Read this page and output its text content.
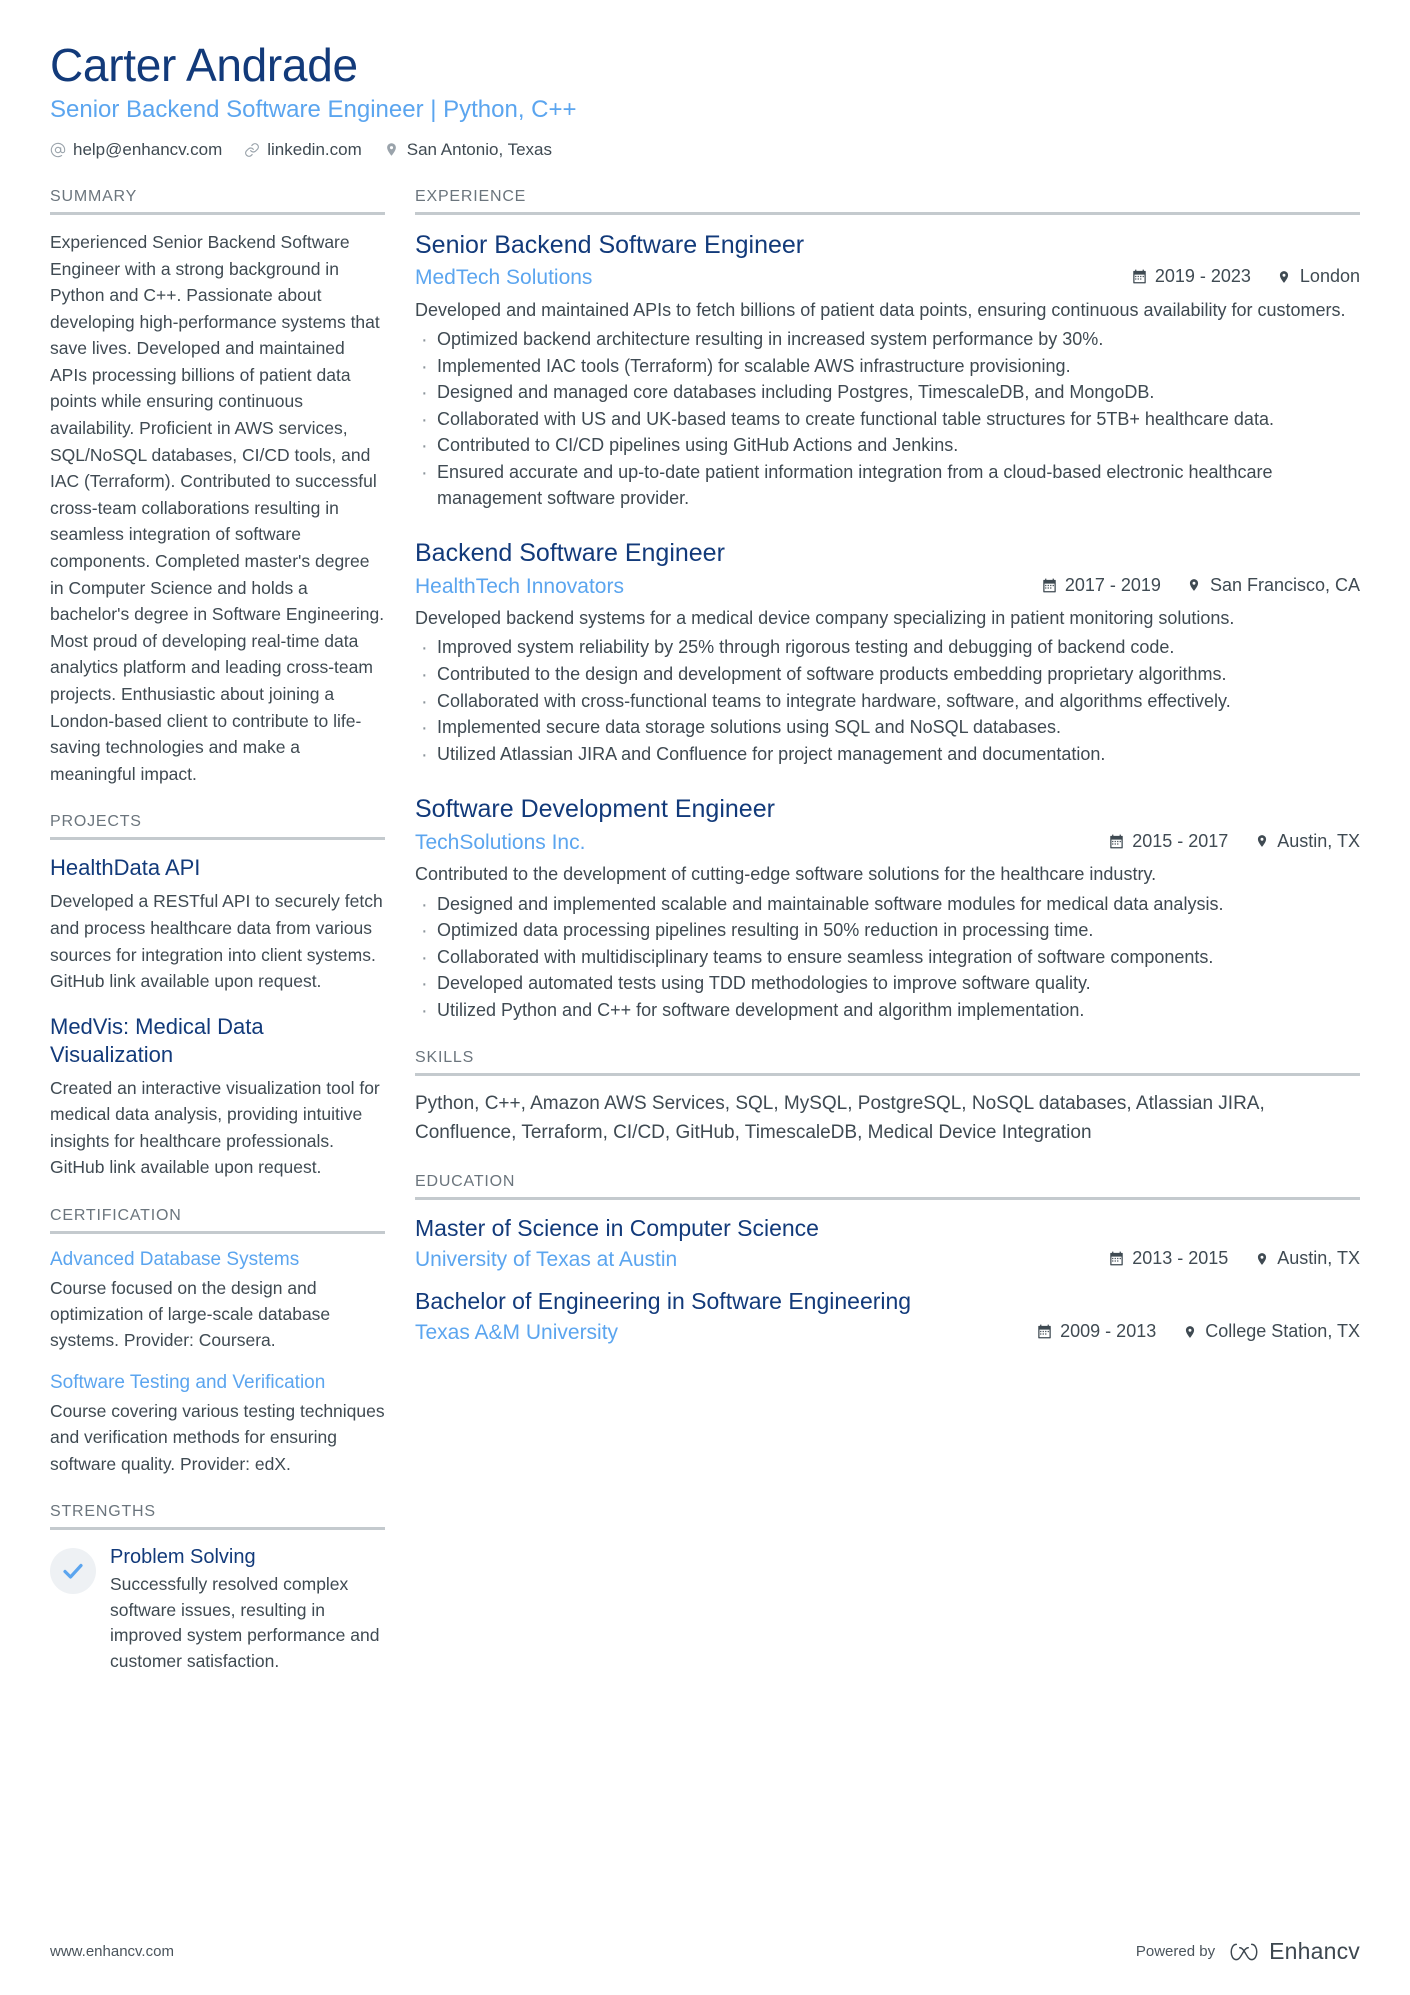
Carter Andrade
Senior Backend Software Engineer | Python, C++
help@enhancv.com	linkedin.com	San Antonio, Texas
SUMMARY
Experienced Senior Backend Software Engineer with a strong background in Python and C++. Passionate about developing high-performance systems that save lives. Developed and maintained APIs processing billions of patient data points while ensuring continuous availability. Proficient in AWS services, SQL/NoSQL databases, CI/CD tools, and IAC (Terraform). Contributed to successful cross-team collaborations resulting in seamless integration of software components. Completed master's degree in Computer Science and holds a bachelor's degree in Software Engineering. Most proud of developing real-time data analytics platform and leading cross-team projects. Enthusiastic about joining a London-based client to contribute to life-saving technologies and make a meaningful impact.
PROJECTS
HealthData API
Developed a RESTful API to securely fetch and process healthcare data from various sources for integration into client systems. GitHub link available upon request.
MedVis: Medical Data Visualization
Created an interactive visualization tool for medical data analysis, providing intuitive insights for healthcare professionals. GitHub link available upon request.
CERTIFICATION
Advanced Database Systems
Course focused on the design and optimization of large-scale database systems. Provider: Coursera.
Software Testing and Verification
Course covering various testing techniques and verification methods for ensuring software quality. Provider: edX.
STRENGTHS
Problem Solving
Successfully resolved complex software issues, resulting in improved system performance and customer satisfaction.
EXPERIENCE
Senior Backend Software Engineer
MedTech Solutions	2019 - 2023	London
Developed and maintained APIs to fetch billions of patient data points, ensuring continuous availability for customers.
· Optimized backend architecture resulting in increased system performance by 30%.
· Implemented IAC tools (Terraform) for scalable AWS infrastructure provisioning.
· Designed and managed core databases including Postgres, TimescaleDB, and MongoDB.
· Collaborated with US and UK-based teams to create functional table structures for 5TB+ healthcare data.
· Contributed to CI/CD pipelines using GitHub Actions and Jenkins.
· Ensured accurate and up-to-date patient information integration from a cloud-based electronic healthcare management software provider.
Backend Software Engineer
HealthTech Innovators	2017 - 2019	San Francisco, CA
Developed backend systems for a medical device company specializing in patient monitoring solutions.
· Improved system reliability by 25% through rigorous testing and debugging of backend code.
· Contributed to the design and development of software products embedding proprietary algorithms.
· Collaborated with cross-functional teams to integrate hardware, software, and algorithms effectively.
· Implemented secure data storage solutions using SQL and NoSQL databases.
· Utilized Atlassian JIRA and Confluence for project management and documentation.
Software Development Engineer
TechSolutions Inc.	2015 - 2017	Austin, TX
Contributed to the development of cutting-edge software solutions for the healthcare industry.
· Designed and implemented scalable and maintainable software modules for medical data analysis.
· Optimized data processing pipelines resulting in 50% reduction in processing time.
· Collaborated with multidisciplinary teams to ensure seamless integration of software components.
· Developed automated tests using TDD methodologies to improve software quality.
· Utilized Python and C++ for software development and algorithm implementation.
SKILLS
Python, C++, Amazon AWS Services, SQL, MySQL, PostgreSQL, NoSQL databases, Atlassian JIRA, Confluence, Terraform, CI/CD, GitHub, TimescaleDB, Medical Device Integration
EDUCATION
Master of Science in Computer Science
University of Texas at Austin	2013 - 2015	Austin, TX
Bachelor of Engineering in Software Engineering
Texas A&M University	2009 - 2013	College Station, TX
www.enhancv.com	Powered by Enhancv
